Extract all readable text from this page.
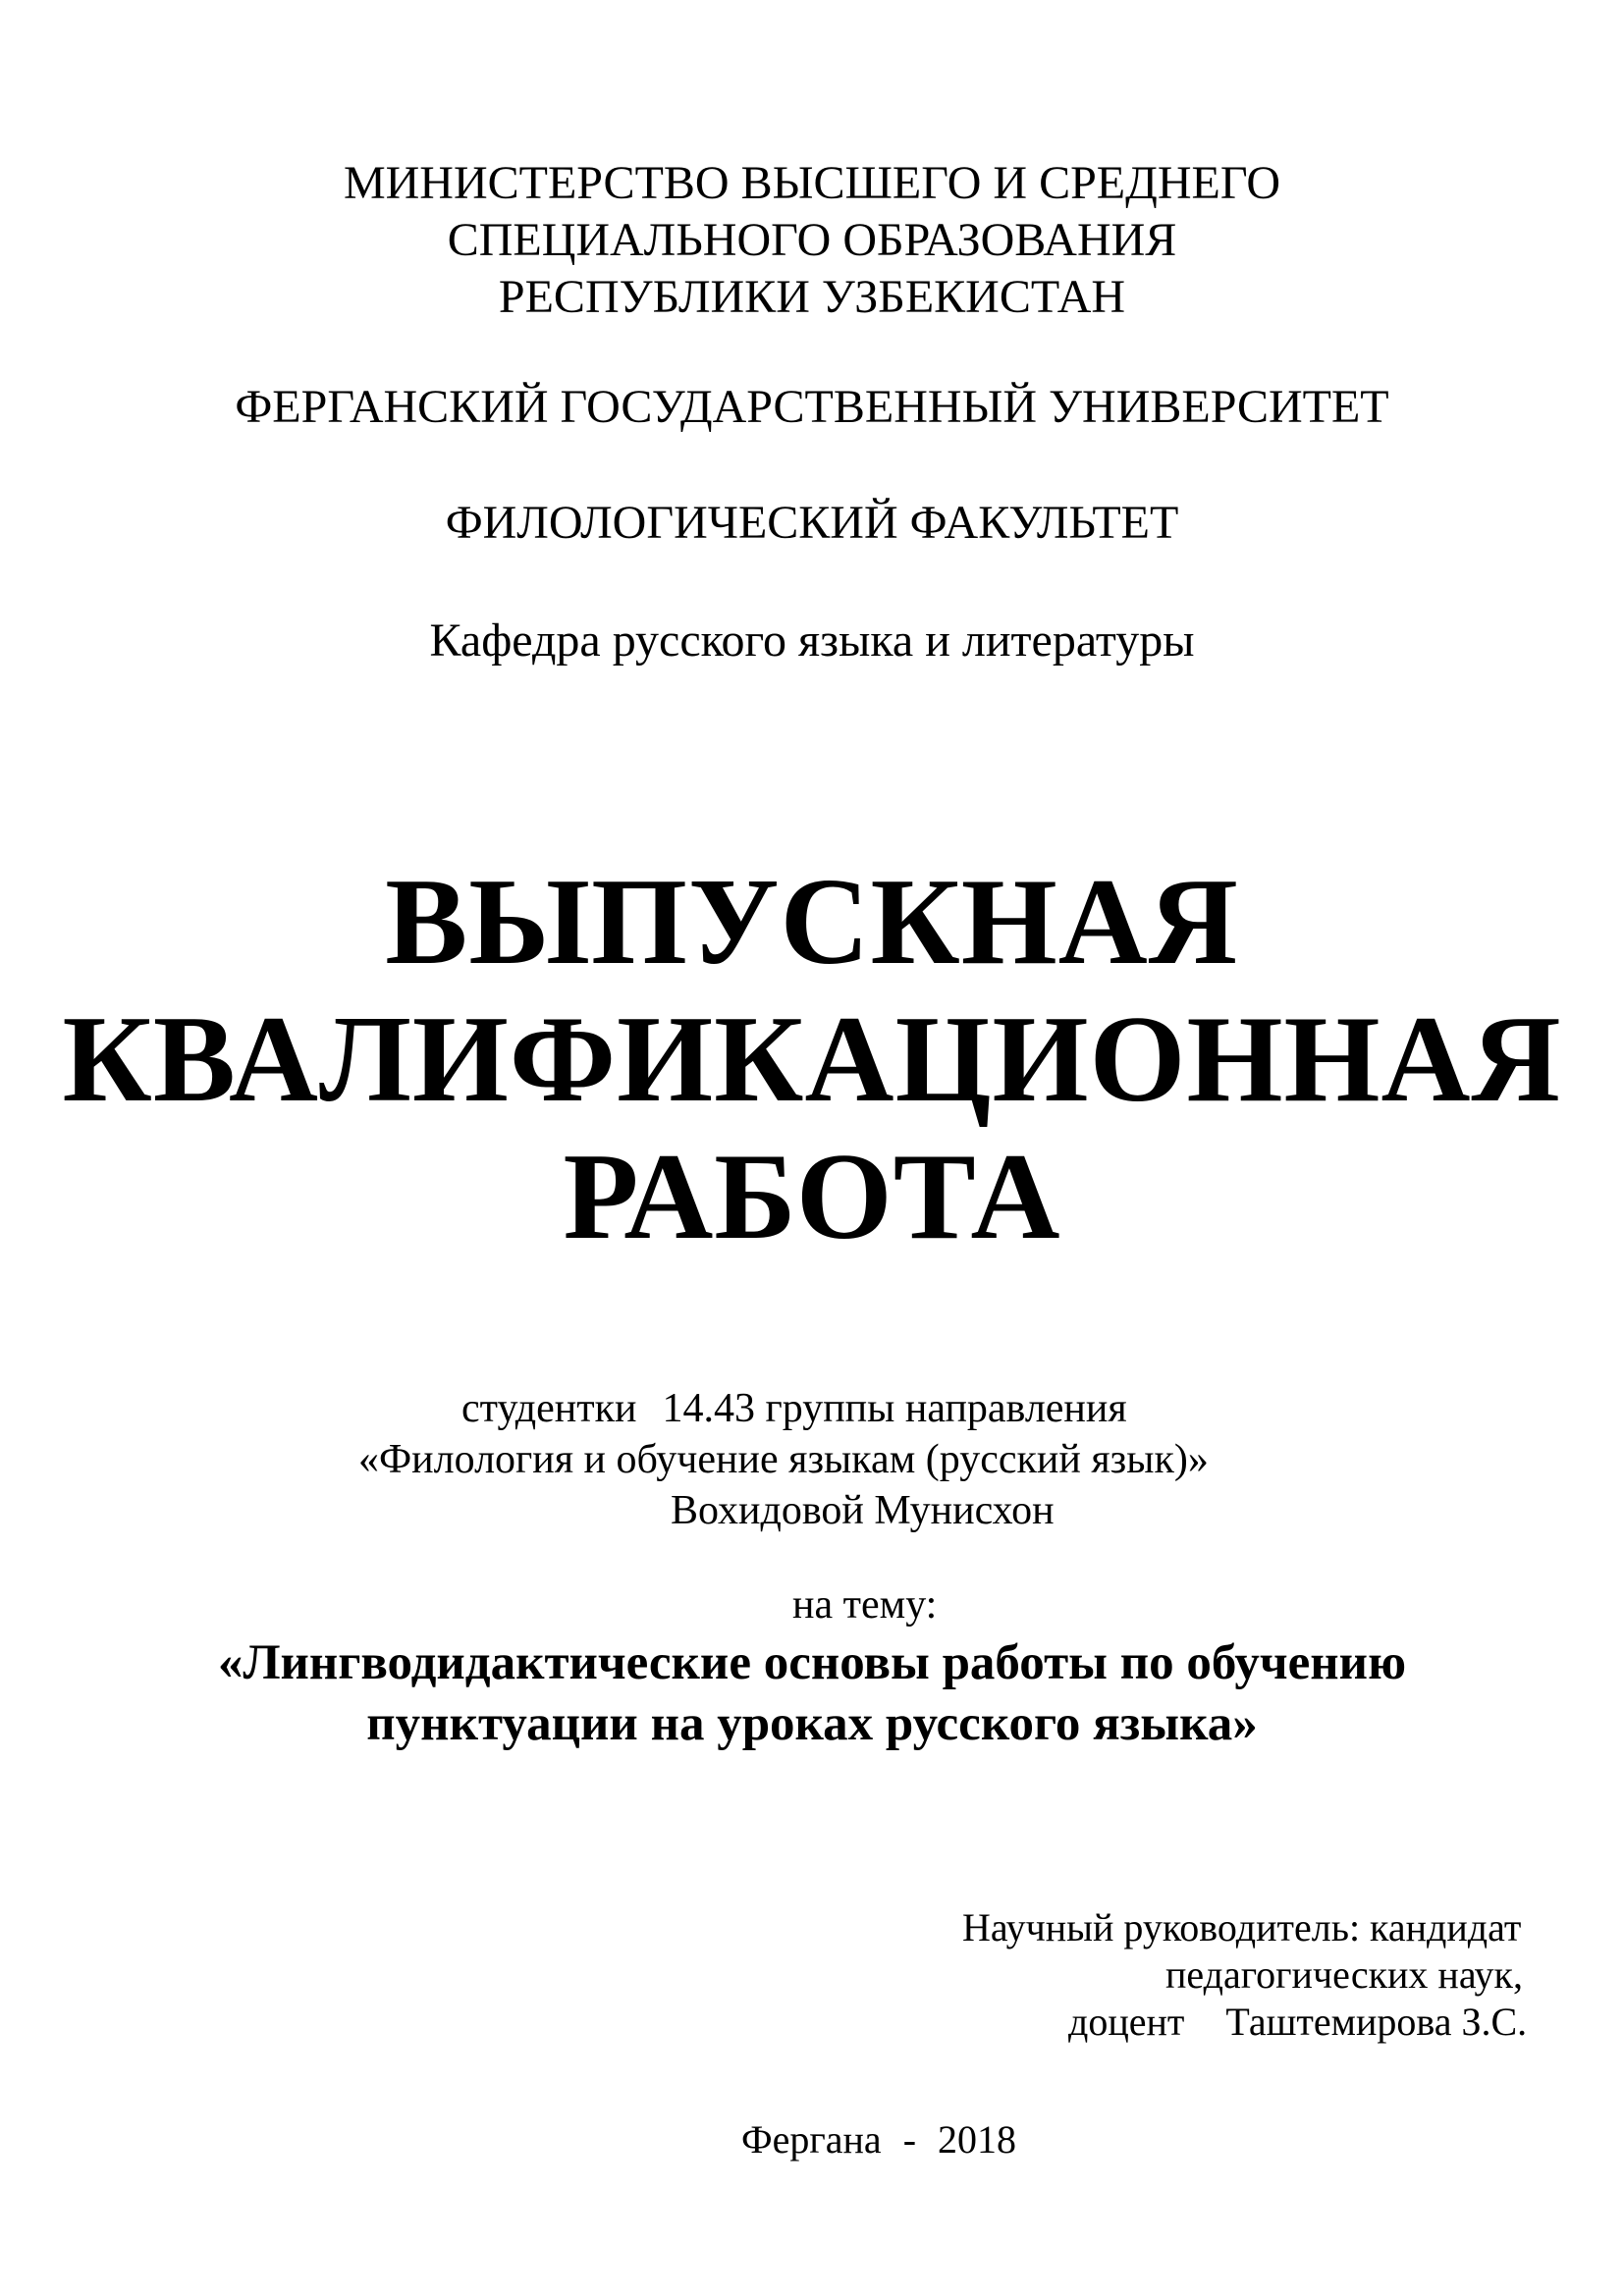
МИНИСТЕРСТВО ВЫСШЕГО И СРЕДНЕГО
СПЕЦИАЛЬНОГО ОБРАЗОВАНИЯ
РЕСПУБЛИКИ УЗБЕКИСТАН
ФЕРГАНСКИЙ ГОСУДАРСТВЕННЫЙ УНИВЕРСИТЕТ
ФИЛОЛОГИЧЕСКИЙ ФАКУЛЬТЕТ
Кафедра русского языка и литературы
ВЫПУСКНАЯ
КВАЛИФИКАЦИОННАЯ
РАБОТА
студентки 14.43 группы направления
«Филология и обучение языкам (русский язык)»
Вохидовой Мунисхон
на тему:
«Лингводидактические основы работы по обучению
пунктуации на уроках русского языка»
Научный руководитель: кандидат
педагогических наук,
доцент Таштемирова З.С.
Фергана - 2018
